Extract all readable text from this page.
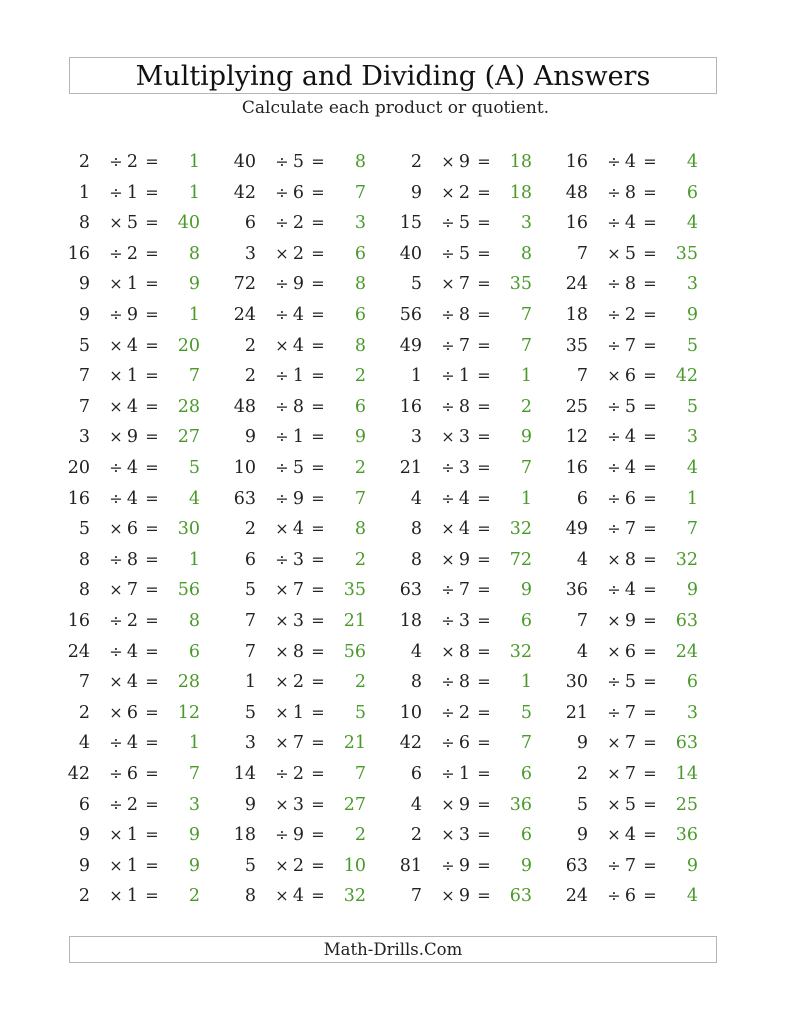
Multiplying and Dividing (A) Answers
Calculate each product or quotient.
2 ÷ 2 =	1	40 ÷ 5 =	8	2 × 9 =	18	16 ÷ 4 =	4
1 ÷ 1 =	1	42 ÷ 6 =	7	9 × 2 =	18	48 ÷ 8 =	6
8 × 5 =	40	6 ÷ 2 =	3	15 ÷ 5 =	3	16 ÷ 4 =	4
16 ÷ 2 =	8	3 × 2 =	6	40 ÷ 5 =	8	7 × 5 =	35
9 × 1 =	9	72 ÷ 9 =	8	5 × 7 =	35	24 ÷ 8 =	3
9 ÷ 9 =	1	24 ÷ 4 =	6	56 ÷ 8 =	7	18 ÷ 2 =	9
5 × 4 =	20	2 × 4 =	8	49 ÷ 7 =	7	35 ÷ 7 =	5
7 × 1 =	7	2 ÷ 1 =	2	1 ÷ 1 =	1	7 × 6 =	42
7 × 4 =	28	48 ÷ 8 =	6	16 ÷ 8 =	2	25 ÷ 5 =	5
3 × 9 =	27	9 ÷ 1 =	9	3 × 3 =	9	12 ÷ 4 =	3
20 ÷ 4 =	5	10 ÷ 5 =	2	21 ÷ 3 =	7	16 ÷ 4 =	4
16 ÷ 4 =	4	63 ÷ 9 =	7	4 ÷ 4 =	1	6 ÷ 6 =	1
5 × 6 =	30	2 × 4 =	8	8 × 4 =	32	49 ÷ 7 =	7
8 ÷ 8 =	1	6 ÷ 3 =	2	8 × 9 =	72	4 × 8 =	32
8 × 7 =	56	5 × 7 =	35	63 ÷ 7 =	9	36 ÷ 4 =	9
16 ÷ 2 =	8	7 × 3 =	21	18 ÷ 3 =	6	7 × 9 =	63
24 ÷ 4 =	6	7 × 8 =	56	4 × 8 =	32	4 × 6 =	24
7 × 4 =	28	1 × 2 =	2	8 ÷ 8 =	1	30 ÷ 5 =	6
2 × 6 =	12	5 × 1 =	5	10 ÷ 2 =	5	21 ÷ 7 =	3
4 ÷ 4 =	1	3 × 7 =	21	42 ÷ 6 =	7	9 × 7 =	63
42 ÷ 6 =	7	14 ÷ 2 =	7	6 ÷ 1 =	6	2 × 7 =	14
6 ÷ 2 =	3	9 × 3 =	27	4 × 9 =	36	5 × 5 =	25
9 × 1 =	9	18 ÷ 9 =	2	2 × 3 =	6	9 × 4 =	36
9 × 1 =	9	5 × 2 =	10	81 ÷ 9 =	9	63 ÷ 7 =	9
2 × 1 =	2	8 × 4 =	32	7 × 9 =	63	24 ÷ 6 =	4
Math-Drills.Com
